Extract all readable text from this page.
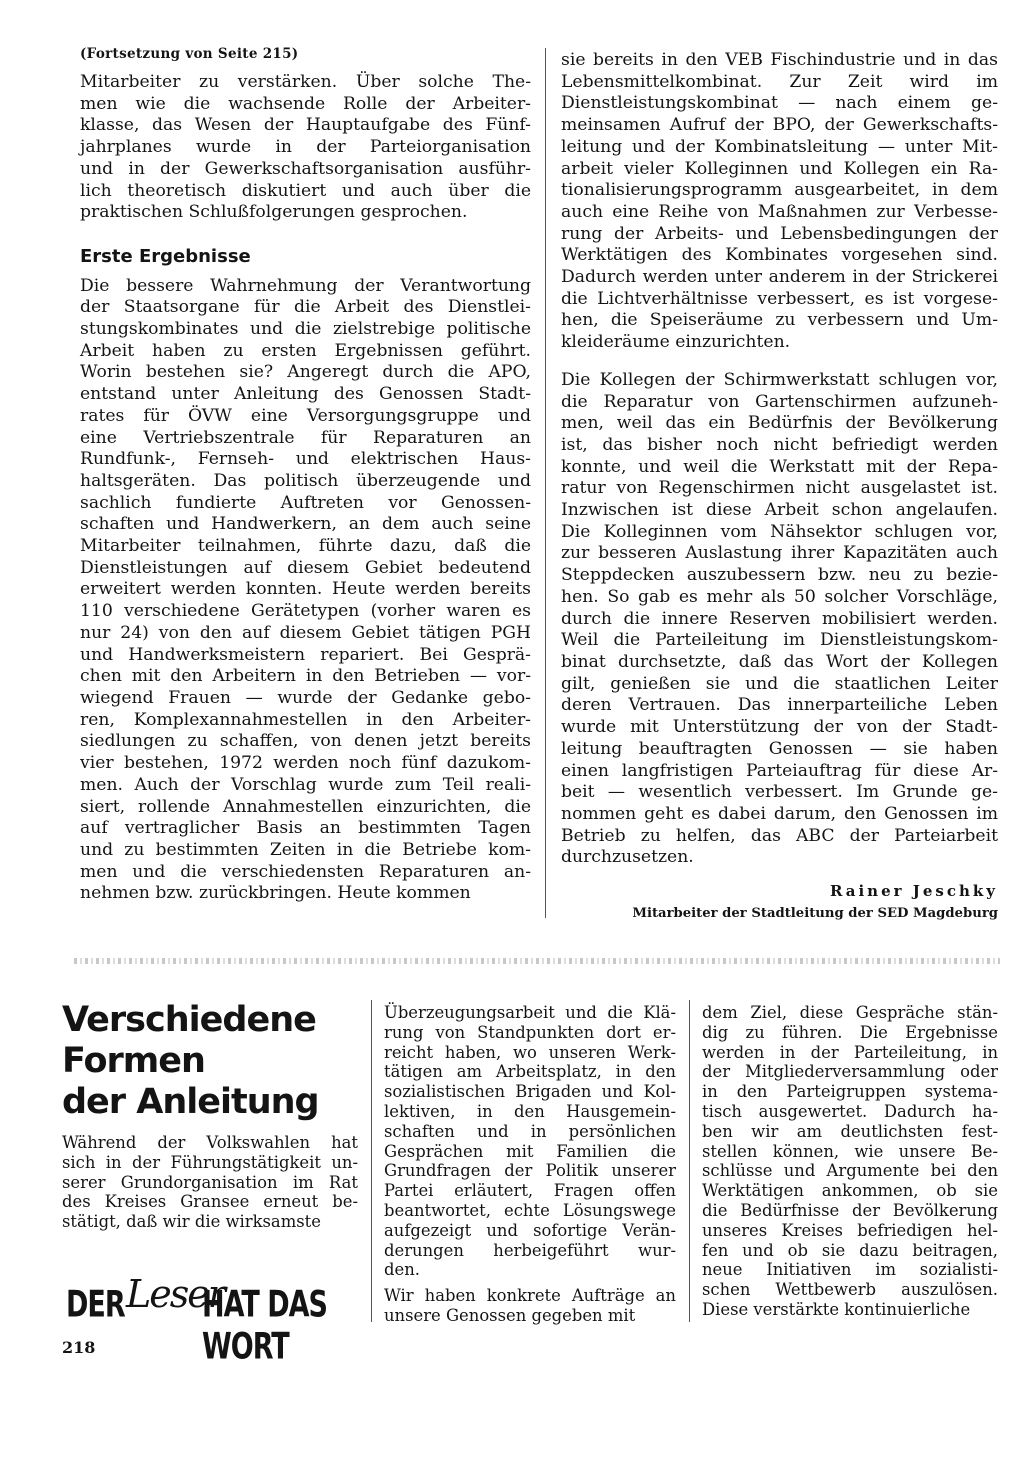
(Fortsetzung von Seite 215)
Mitarbeiter zu verstärken. Über solche The-
men wie die wachsende Rolle der Arbeiter-
klasse, das Wesen der Hauptaufgabe des Fünf-
jahrplanes wurde in der Parteiorganisation
und in der Gewerkschaftsorganisation ausführ-
lich theoretisch diskutiert und auch über die
praktischen Schlußfolgerungen gesprochen.
Erste Ergebnisse
Die bessere Wahrnehmung der Verantwortung
der Staatsorgane für die Arbeit des Dienstlei-
stungskombinates und die zielstrebige politische
Arbeit haben zu ersten Ergebnissen geführt.
Worin bestehen sie? Angeregt durch die APO,
entstand unter Anleitung des Genossen Stadt-
rates für ÖVW eine Versorgungsgruppe und
eine Vertriebszentrale für Reparaturen an
Rundfunk-, Fernseh- und elektrischen Haus-
haltsgeräten. Das politisch überzeugende und
sachlich fundierte Auftreten vor Genossen-
schaften und Handwerkern, an dem auch seine
Mitarbeiter teilnahmen, führte dazu, daß die
Dienstleistungen auf diesem Gebiet bedeutend
erweitert werden konnten. Heute werden bereits
110 verschiedene Gerätetypen (vorher waren es
nur 24) von den auf diesem Gebiet tätigen PGH
und Handwerksmeistern repariert. Bei Gesprä-
chen mit den Arbeitern in den Betrieben — vor-
wiegend Frauen — wurde der Gedanke gebo-
ren, Komplexannahmestellen in den Arbeiter-
siedlungen zu schaffen, von denen jetzt bereits
vier bestehen, 1972 werden noch fünf dazukom-
men. Auch der Vorschlag wurde zum Teil reali-
siert, rollende Annahmestellen einzurichten, die
auf vertraglicher Basis an bestimmten Tagen
und zu bestimmten Zeiten in die Betriebe kom-
men und die verschiedensten Reparaturen an-
nehmen bzw. zurückbringen. Heute kommen
sie bereits in den VEB Fischindustrie und in das
Lebensmittelkombinat. Zur Zeit wird im
Dienstleistungskombinat — nach einem ge-
meinsamen Aufruf der BPO, der Gewerkschafts-
leitung und der Kombinatsleitung — unter Mit-
arbeit vieler Kolleginnen und Kollegen ein Ra-
tionalisierungsprogramm ausgearbeitet, in dem
auch eine Reihe von Maßnahmen zur Verbesse-
rung der Arbeits- und Lebensbedingungen der
Werktätigen des Kombinates vorgesehen sind.
Dadurch werden unter anderem in der Strickerei
die Lichtverhältnisse verbessert, es ist vorgese-
hen, die Speiseräume zu verbessern und Um-
kleideräume einzurichten.
Die Kollegen der Schirmwerkstatt schlugen vor,
die Reparatur von Gartenschirmen aufzuneh-
men, weil das ein Bedürfnis der Bevölkerung
ist, das bisher noch nicht befriedigt werden
konnte, und weil die Werkstatt mit der Repa-
ratur von Regenschirmen nicht ausgelastet ist.
Inzwischen ist diese Arbeit schon angelaufen.
Die Kolleginnen vom Nähsektor schlugen vor,
zur besseren Auslastung ihrer Kapazitäten auch
Steppdecken auszubessern bzw. neu zu bezie-
hen. So gab es mehr als 50 solcher Vorschläge,
durch die innere Reserven mobilisiert werden.
Weil die Parteileitung im Dienstleistungskom-
binat durchsetzte, daß das Wort der Kollegen
gilt, genießen sie und die staatlichen Leiter
deren Vertrauen. Das innerparteiliche Leben
wurde mit Unterstützung der von der Stadt-
leitung beauftragten Genossen — sie haben
einen langfristigen Parteiauftrag für diese Ar-
beit — wesentlich verbessert. Im Grunde ge-
nommen geht es dabei darum, den Genossen im
Betrieb zu helfen, das ABC der Parteiarbeit
durchzusetzen.
Rainer Jeschky
Mitarbeiter der Stadtleitung der SED Magdeburg
Verschiedene
Formen
der Anleitung
Während der Volkswahlen hat
sich in der Führungstätigkeit un-
serer Grundorganisation im Rat
des Kreises Gransee erneut be-
stätigt, daß wir die wirksamste
Überzeugungsarbeit und die Klä-
rung von Standpunkten dort er-
reicht haben, wo unseren Werk-
tätigen am Arbeitsplatz, in den
sozialistischen Brigaden und Kol-
lektiven, in den Hausgemein-
schaften und in persönlichen
Gesprächen mit Familien die
Grundfragen der Politik unserer
Partei erläutert, Fragen offen
beantwortet, echte Lösungswege
aufgezeigt und sofortige Verän-
derungen herbeigeführt wur-
den.
Wir haben konkrete Aufträge an
unsere Genossen gegeben mit
dem Ziel, diese Gespräche stän-
dig zu führen. Die Ergebnisse
werden in der Parteileitung, in
der Mitgliederversammlung oder
in den Parteigruppen systema-
tisch ausgewertet. Dadurch ha-
ben wir am deutlichsten fest-
stellen können, wie unsere Be-
schlüsse und Argumente bei den
Werktätigen ankommen, ob sie
die Bedürfnisse der Bevölkerung
unseres Kreises befriedigen hel-
fen und ob sie dazu beitragen,
neue Initiativen im sozialisti-
schen Wettbewerb auszulösen.
Diese verstärkte kontinuierliche
DER Leser
HAT DAS WORT
218
